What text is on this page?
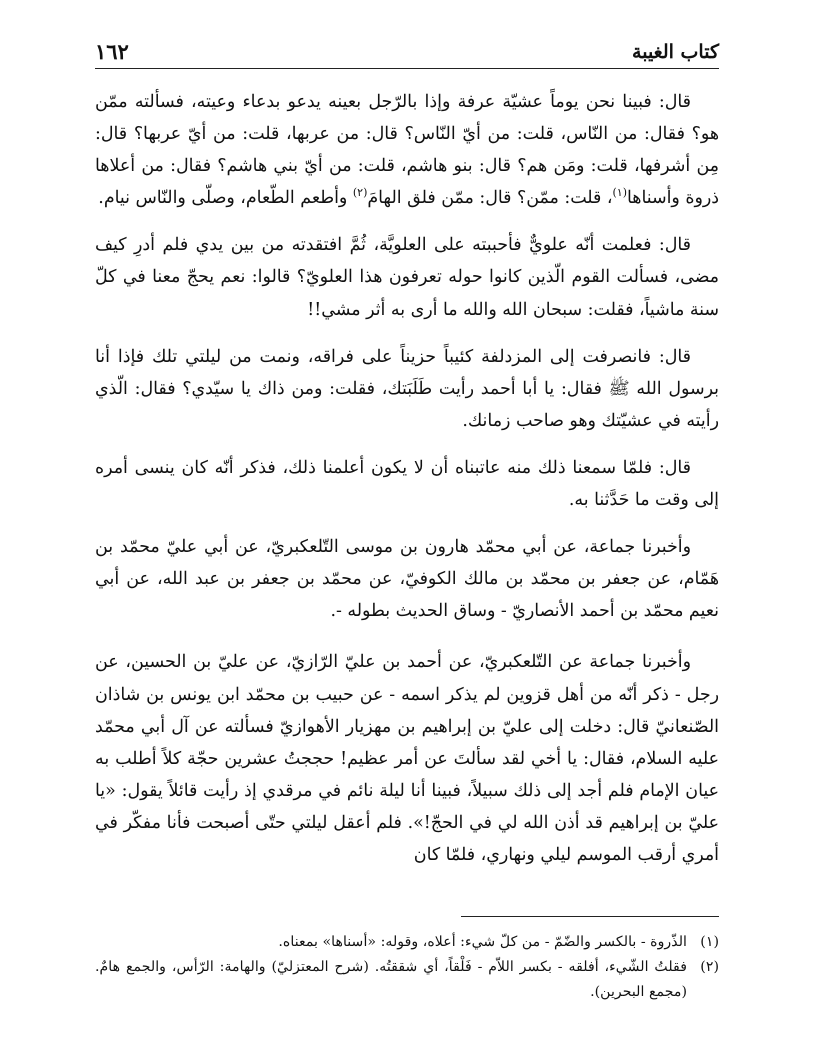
١٦٢	كتاب الغيبة

قال: فبينا نحن يوماً عشيّة عرفة وإذا بالرّجل بعينه يدعو بدعاء وعيته، فسألته ممّن هو؟ فقال: من النّاس، قلت: من أيّ النّاس؟ قال: من عربها، قلت: من أيّ عربها؟ قال: مِن أشرفها، قلت: ومَن هم؟ قال: بنو هاشم، قلت: من أيّ بني هاشم؟ فقال: من أعلاها ذروة وأسناها$^{(١)}$، قلت: ممّن؟ قال: ممّن فلق الهامَ$^{(٢)}$ وأطعم الطّعام، وصلّى والنّاس نيام.

قال: فعلمت أنّه علويٌّ فأحببته على العلويَّة، ثُمَّ افتقدته من بين يدي فلم أدرِ كيف مضى، فسألت القوم الّذين كانوا حوله تعرفون هذا العلويّ؟ قالوا: نعم يحجّ معنا في كلّ سنة ماشياً، فقلت: سبحان الله والله ما أرى به أثر مشي!!

قال: فانصرفت إلى المزدلفة كئيباً حزيناً على فراقه، ونمت من ليلتي تلك فإذا أنا برسول الله ﷺ فقال: يا أبا أحمد رأيت طَلَبَتك، فقلت: ومن ذاك يا سيّدي؟ فقال: الّذي رأيته في عشيّتك وهو صاحب زمانك.

قال: فلمّا سمعنا ذلك منه عاتبناه أن لا يكون أعلمنا ذلك، فذكر أنّه كان ينسى أمره إلى وقت ما حَدَّثنا به.

وأخبرنا جماعة، عن أبي محمّد هارون بن موسى التّلعكبريّ، عن أبي عليّ محمّد بن هَمّام، عن جعفر بن محمّد بن مالك الكوفيّ، عن محمّد بن جعفر بن عبد الله، عن أبي نعيم محمّد بن أحمد الأنصاريّ - وساق الحديث بطوله -.

وأخبرنا جماعة عن التّلعكبريّ، عن أحمد بن عليّ الرّازيّ، عن عليّ بن الحسين، عن رجل - ذكر أنّه من أهل قزوين لم يذكر اسمه - عن حبيب بن محمّد ابن يونس بن شاذان الصّنعانيّ قال: دخلت إلى عليّ بن إبراهيم بن مهزيار الأهوازيّ فسألته عن آل أبي محمّد عليه السلام، فقال: يا أخي لقد سألتَ عن أمر عظيم! حججتُ عشرين حجّة كلاً أطلب به عيان الإمام فلم أجد إلى ذلك سبيلاً، فبينا أنا ليلة نائم في مرقدي إذ رأيت قائلاً يقول: «يا عليّ بن إبراهيم قد أذن الله لي في الحجّ!». فلم أعقل ليلتي حتّى أصبحت فأنا مفكّر في أمري أرقب الموسم ليلي ونهاري، فلمّا كان

(١)
الذّروة - بالكسر والضّمّ - من كلّ شيء: أعلاه، وقوله: «أسناها» بمعناه.
(٢)
فقلتُ الشّيء، أفلقه - بكسر اللاّم - فَلْقاً، أي شققتُه. (شرح المعتزليّ) والهامة: الرّأس، والجمع هامٌ. (مجمع البحرين).
